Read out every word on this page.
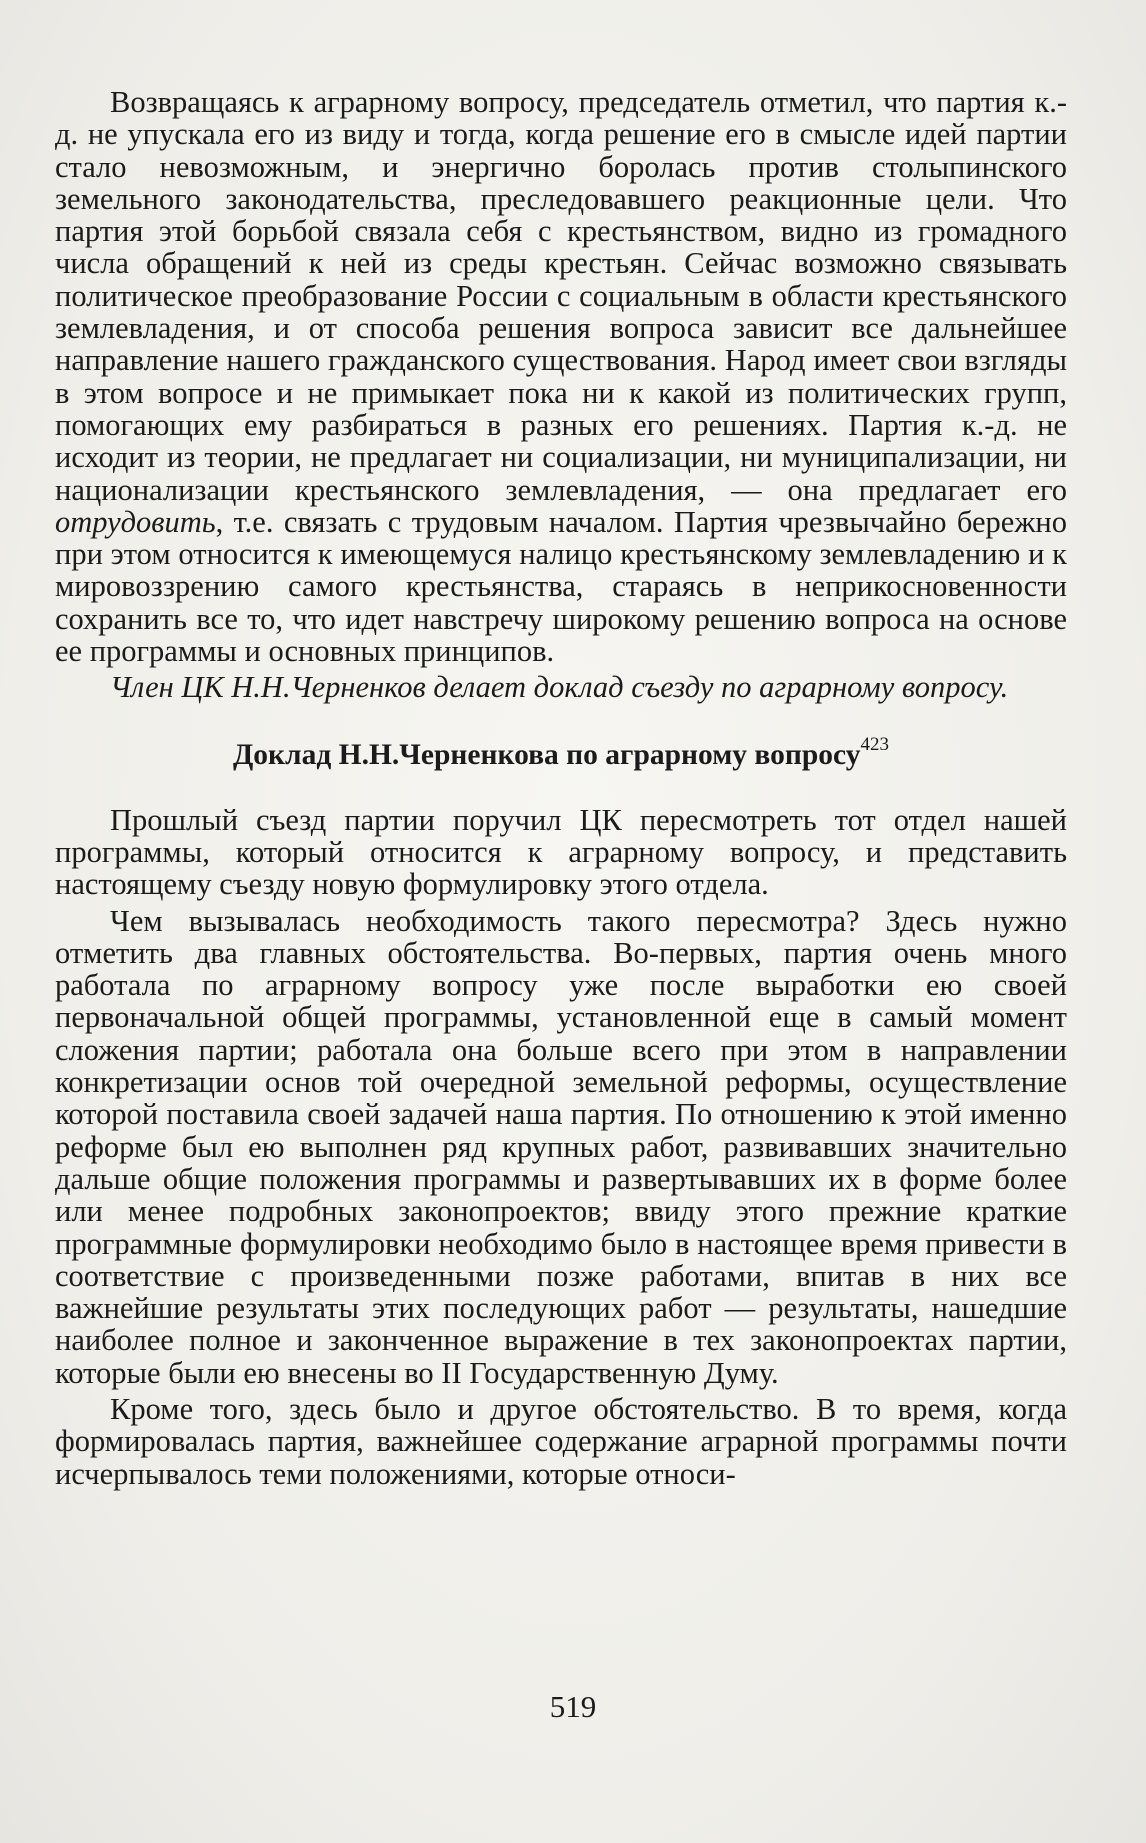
Возвращаясь к аграрному вопросу, председатель отметил, что партия к.-д. не упускала его из виду и тогда, когда решение его в смысле идей партии стало невозможным, и энергично боролась против столыпинского земельного законодательства, преследовавшего реакционные цели. Что партия этой борьбой связала себя с крестьянством, видно из громадного числа обращений к ней из среды крестьян. Сейчас возможно связывать политическое преобразование России с социальным в области крестьянского землевладения, и от способа решения вопроса зависит все дальнейшее направление нашего гражданского существования. Народ имеет свои взгляды в этом вопросе и не примыкает пока ни к какой из политических групп, помогающих ему разбираться в разных его решениях. Партия к.-д. не исходит из теории, не предлагает ни социализации, ни муниципализации, ни национализации крестьянского землевладения, — она предлагает его отрудовить, т.е. связать с трудовым началом. Партия чрезвычайно бережно при этом относится к имеющемуся налицо крестьянскому землевладению и к мировоззрению самого крестьянства, стараясь в неприкосновенности сохранить все то, что идет навстречу широкому решению вопроса на основе ее программы и основных принципов.

Член ЦК Н.Н.Черненков делает доклад съезду по аграрному вопросу.

Доклад Н.Н.Черненкова по аграрному вопросу$^{423}$

Прошлый съезд партии поручил ЦК пересмотреть тот отдел нашей программы, который относится к аграрному вопросу, и представить настоящему съезду новую формулировку этого отдела.

Чем вызывалась необходимость такого пересмотра? Здесь нужно отметить два главных обстоятельства. Во-первых, партия очень много работала по аграрному вопросу уже после выработки ею своей первоначальной общей программы, установленной еще в самый момент сложения партии; работала она больше всего при этом в направлении конкретизации основ той очередной земельной реформы, осуществление которой поставила своей задачей наша партия. По отношению к этой именно реформе был ею выполнен ряд крупных работ, развивавших значительно дальше общие положения программы и развертывавших их в форме более или менее подробных законопроектов; ввиду этого прежние краткие программные формулировки необходимо было в настоящее время привести в соответствие с произведенными позже работами, впитав в них все важнейшие результаты этих последующих работ — результаты, нашедшие наиболее полное и законченное выражение в тех законопроектах партии, которые были ею внесены во II Государственную Думу.

Кроме того, здесь было и другое обстоятельство. В то время, когда формировалась партия, важнейшее содержание аграрной программы почти исчерпывалось теми положениями, которые относи-

519
